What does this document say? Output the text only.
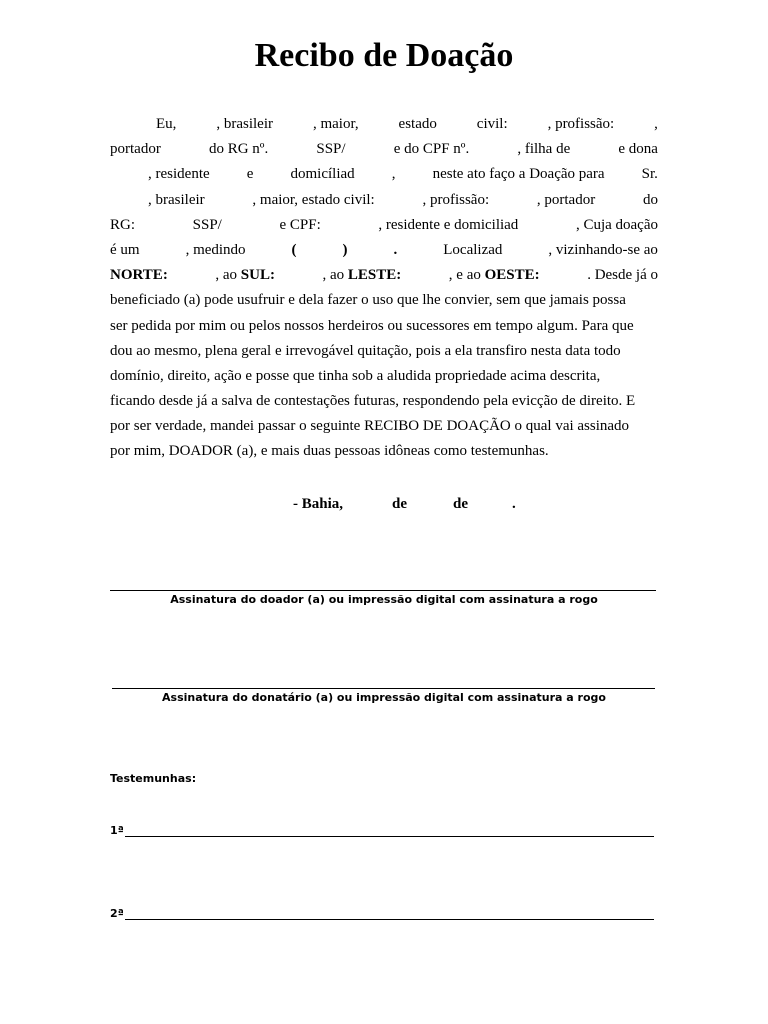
Recibo de Doação
Eu,	, brasileir	, maior,	estado	civil:	, profissão:	,
portador	do RG nº.	SSP/	e do CPF nº.	, filha de	e dona
, residente e domicíliad , neste ato faço a Doação para Sr.
, brasileir	, maior, estado civil:	, profissão:	, portador	do
RG:	SSP/	e CPF:	, residente e domiciliad	, Cuja doação
é um	, medindo	(	)	.	Localizad	, vizinhando-se ao
NORTE:	, ao SUL:	, ao LESTE:	, e ao OESTE:	. Desde já o
beneficiado (a) pode usufruir e dela fazer o uso que lhe convier, sem que jamais possa
ser pedida por mim ou pelos nossos herdeiros ou sucessores em tempo algum. Para que
dou ao mesmo, plena geral e irrevogável quitação, pois a ela transfiro nesta data todo
domínio, direito, ação e posse que tinha sob a aludida propriedade acima descrita,
ficando desde já a salva de contestações futuras, respondendo pela evicção de direito. E
por ser verdade, mandei passar o seguinte RECIBO DE DOAÇÃO o qual vai assinado
por mim, DOADOR (a), e mais duas pessoas idôneas como testemunhas.
- Bahia,	de	de	.
Assinatura do doador (a) ou impressão digital com assinatura a rogo
Assinatura do donatário (a) ou impressão digital com assinatura a rogo
Testemunhas:
1ª
2ª
